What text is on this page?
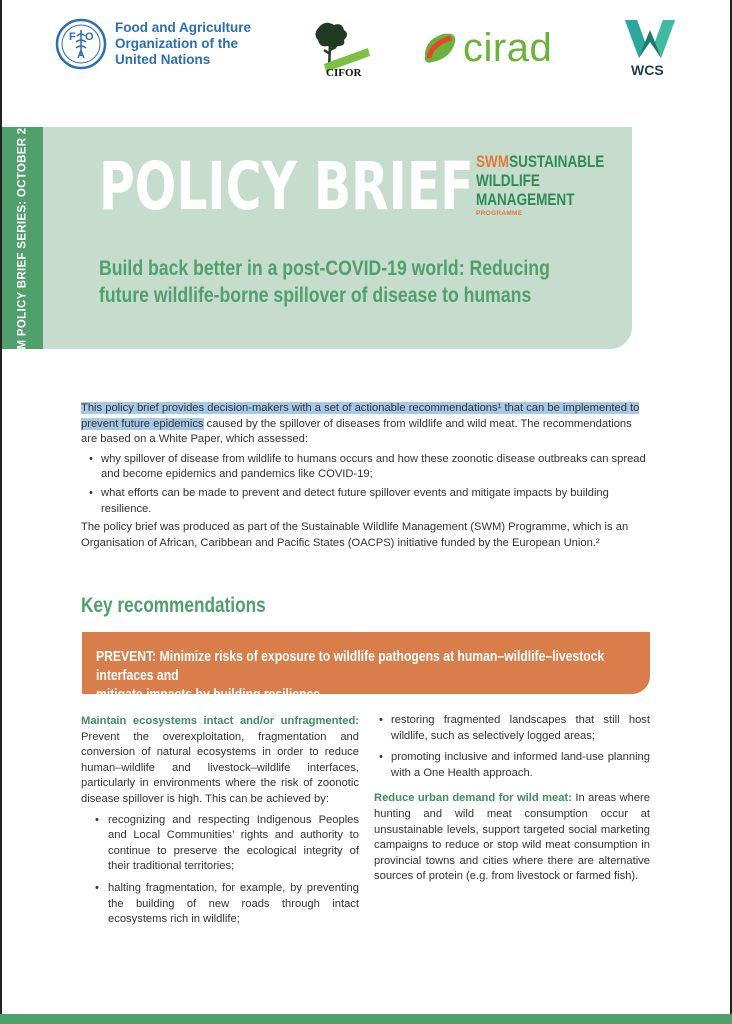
F O
A
Food and Agriculture
Organization of the
United Nations
CIFOR
cirad	WCS
SWM POLICY BRIEF SERIES: OCTOBER 2020 POLICY BRIEF SWMSUSTAINABLE
WILDLIFE
MANAGEMENT
PROGRAMME
Build back better in a post-COVID-19 world: Reducing future wildlife-borne spillover of disease to humans

This policy brief provides decision-makers with a set of actionable recommendations¹ that can be implemented to prevent future epidemics caused by the spillover of diseases from wildlife and wild meat. The recommendations are based on a White Paper, which assessed:

• why spillover of disease from wildlife to humans occurs and how these zoonotic disease outbreaks can spread and become epidemics and pandemics like COVID-19;
• what efforts can be made to prevent and detect future spillover events and mitigate impacts by building resilience.

The policy brief was produced as part of the Sustainable Wildlife Management (SWM) Programme, which is an Organisation of African, Caribbean and Pacific States (OACPS) initiative funded by the European Union.²

Key recommendations
PREVENT: Minimize risks of exposure to wildlife pathogens at human–wildlife–livestock interfaces and
mitigate impacts by building resilience
Maintain ecosystems intact and/or unfragmented: Prevent the overexploitation, fragmentation and conversion of natural ecosystems in order to reduce human–wildlife and livestock–wildlife interfaces, particularly in environments where the risk of zoonotic disease spillover is high. This can be achieved by:
• recognizing and respecting Indigenous Peoples and Local Communities’ rights and authority to continue to preserve the ecological integrity of their traditional territories;
• halting fragmentation, for example, by preventing the building of new roads through intact ecosystems rich in wildlife;
• restoring fragmented landscapes that still host wildlife, such as selectively logged areas;
• promoting inclusive and informed land-use planning with a One Health approach.
Reduce urban demand for wild meat: In areas where hunting and wild meat consumption occur at unsustainable levels, support targeted social marketing campaigns to reduce or stop wild meat consumption in provincial towns and cities where there are alternative sources of protein (e.g. from livestock or farmed fish).
